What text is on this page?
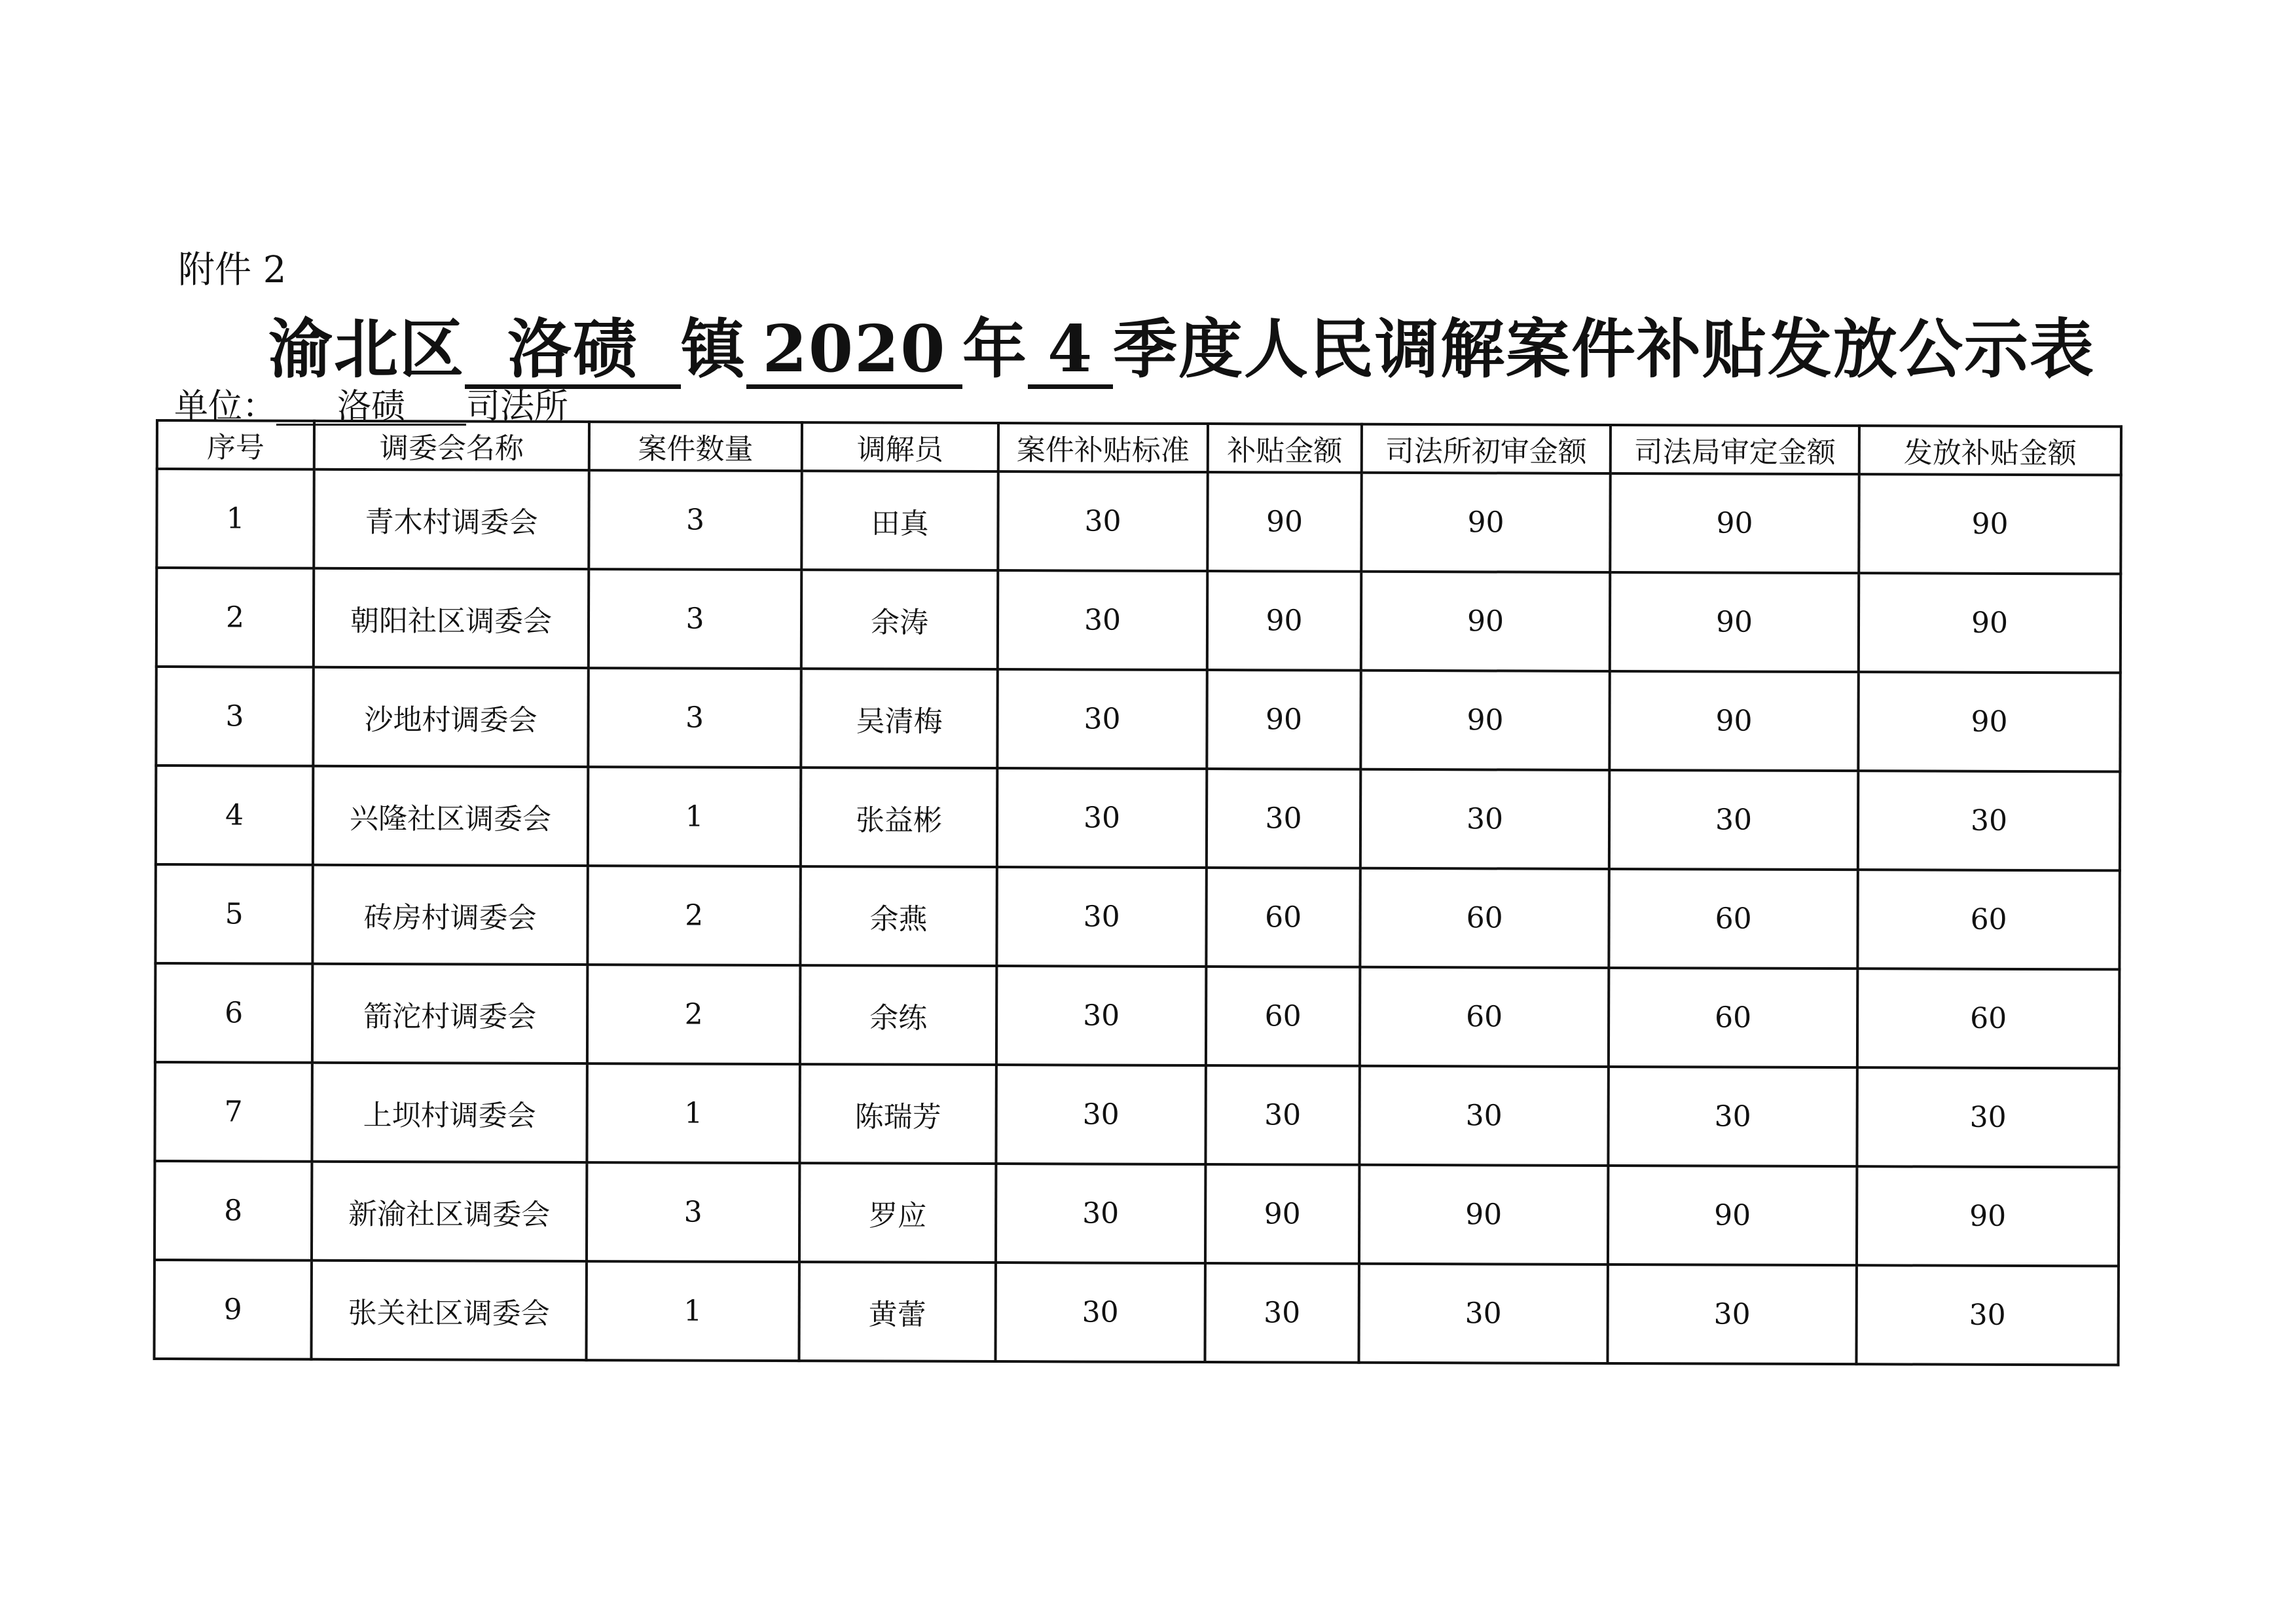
附件 2
渝北区 洛碛 镇 2020 年 4 季度人民调解案件补贴发放公示表
单位： 洛碛 司法所
序号	调委会名称	案件数量	调解员	案件补贴标准	补贴金额	司法所初审金额	司法局审定金额	发放补贴金额
1	青木村调委会	3	田真	30	90	90	90	90
2	朝阳社区调委会	3	余涛	30	90	90	90	90
3	沙地村调委会	3	吴清梅	30	90	90	90	90
4	兴隆社区调委会	1	张益彬	30	30	30	30	30
5	砖房村调委会	2	余燕	30	60	60	60	60
6	箭沱村调委会	2	余练	30	60	60	60	60
7	上坝村调委会	1	陈瑞芳	30	30	30	30	30
8	新渝社区调委会	3	罗应	30	90	90	90	90
9	张关社区调委会	1	黄蕾	30	30	30	30	30
